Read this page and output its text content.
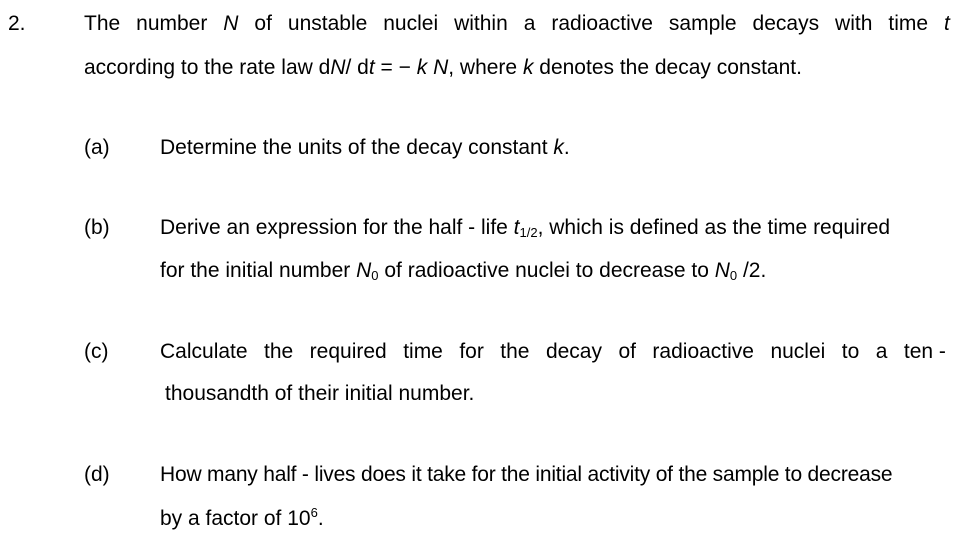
2.	The number N of unstable nuclei within a radioactive sample decays with time t
according to the rate law dN/ dt = − k N, where k denotes the decay constant.
(a) Determine the units of the decay constant k.
(b) Derive an expression for the half - life $t_{1/2}$, which is defined as the time required
for the initial number $N_0$ of radioactive nuclei to decrease to $N_0$ /2.
(c) Calculate the required time for the decay of radioactive nuclei to a ten -
thousandth of their initial number.
(d) How many half - lives does it take for the initial activity of the sample to decrease
by a factor of $10^6$.
